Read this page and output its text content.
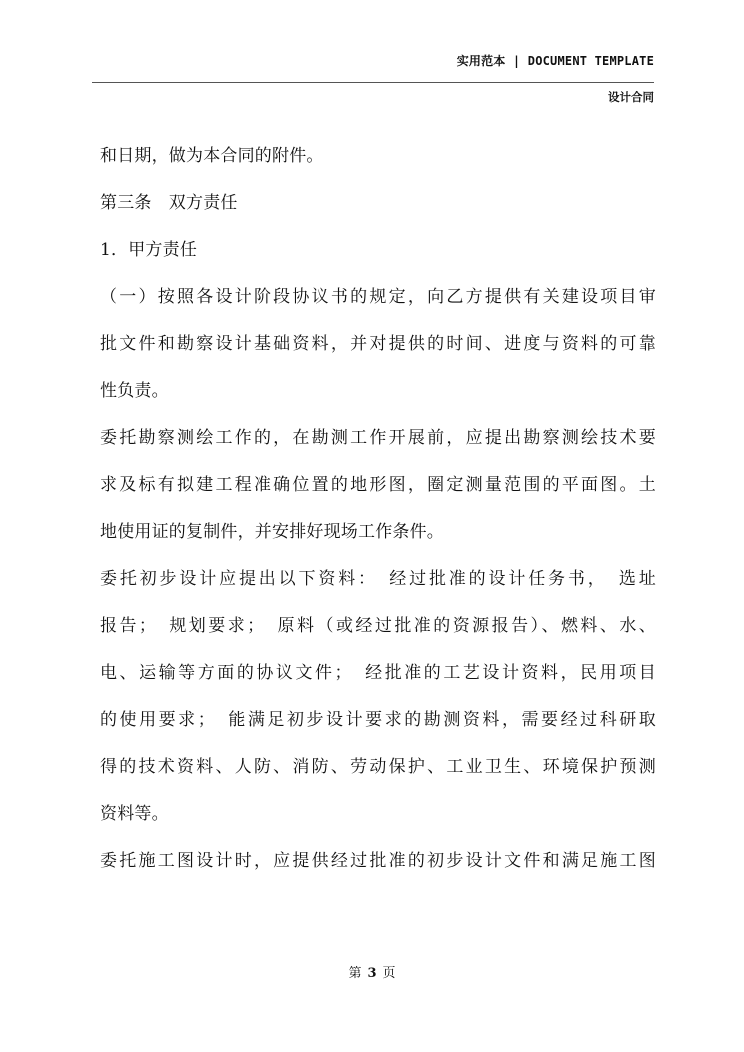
实用范本 | DOCUMENT TEMPLATE
设计合同
和日期，做为本合同的附件。
第三条　双方责任
1．甲方责任
（一）按照各设计阶段协议书的规定，向乙方提供有关建设项目审
批文件和勘察设计基础资料，并对提供的时间、进度与资料的可靠
性负责。
委托勘察测绘工作的，在勘测工作开展前，应提出勘察测绘技术要
求及标有拟建工程准确位置的地形图，圈定测量范围的平面图。土
地使用证的复制件，并安排好现场工作条件。
委托初步设计应提出以下资料：　经过批准的设计任务书，　选址
报告；　规划要求；　原料（或经过批准的资源报告）、燃料、水、
电、运输等方面的协议文件；　经批准的工艺设计资料，民用项目
的使用要求；　能满足初步设计要求的勘测资料，需要经过科研取
得的技术资料、人防、消防、劳动保护、工业卫生、环境保护预测
资料等。
委托施工图设计时，应提供经过批准的初步设计文件和满足施工图
第 3 页
